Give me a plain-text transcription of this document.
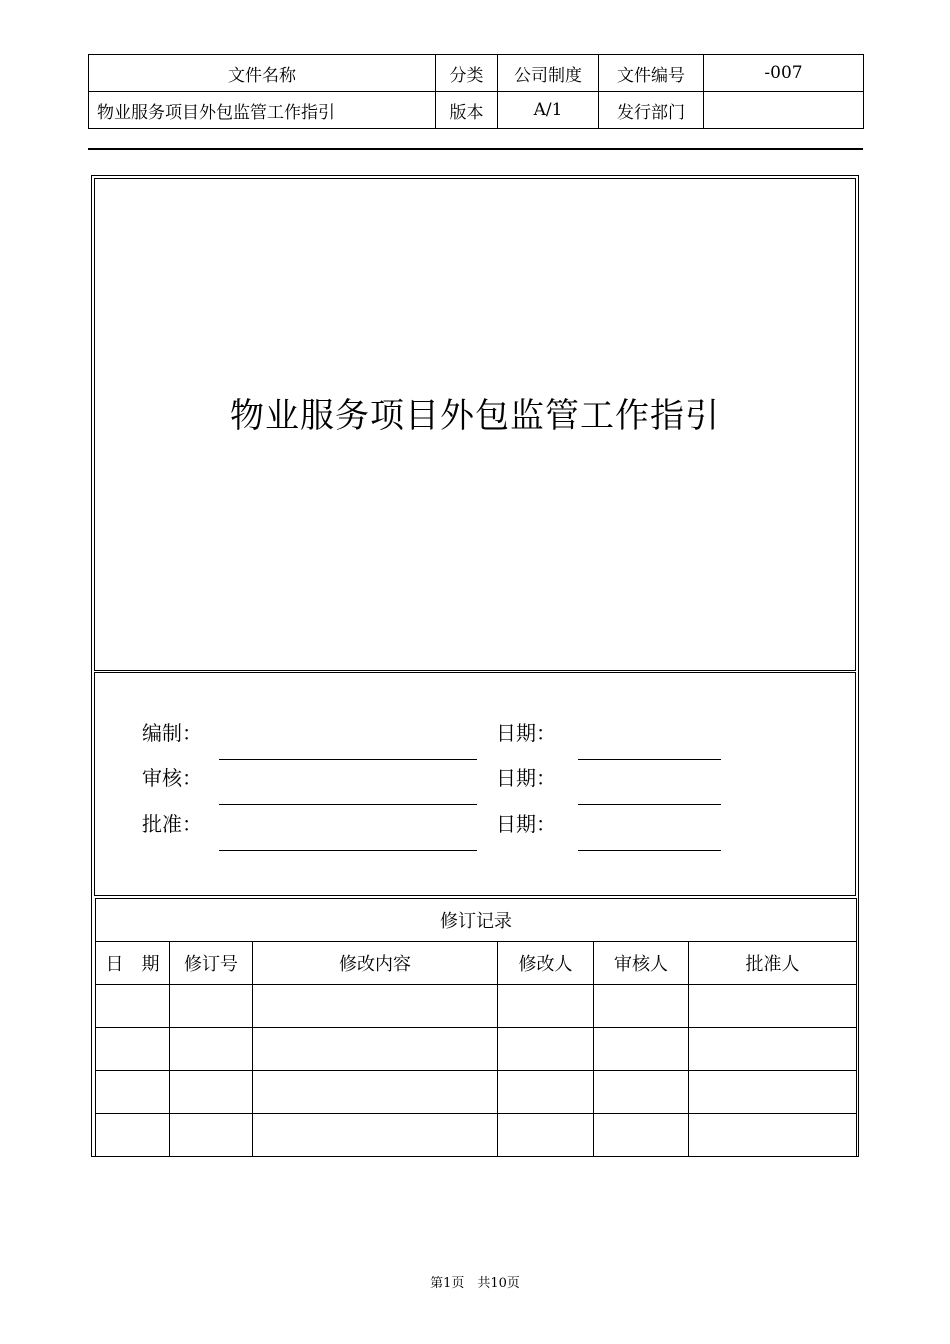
文件名称	分类	公司制度	文件编号	-007
物业服务项目外包监管工作指引	版本	A/1	发行部门	
物业服务项目外包监管工作指引
编制：	日期：
审核：	日期：
批准：	日期：
修订记录					
日　期	修订号	修改内容	修改人	审核人	批准人

第1页　共10页
